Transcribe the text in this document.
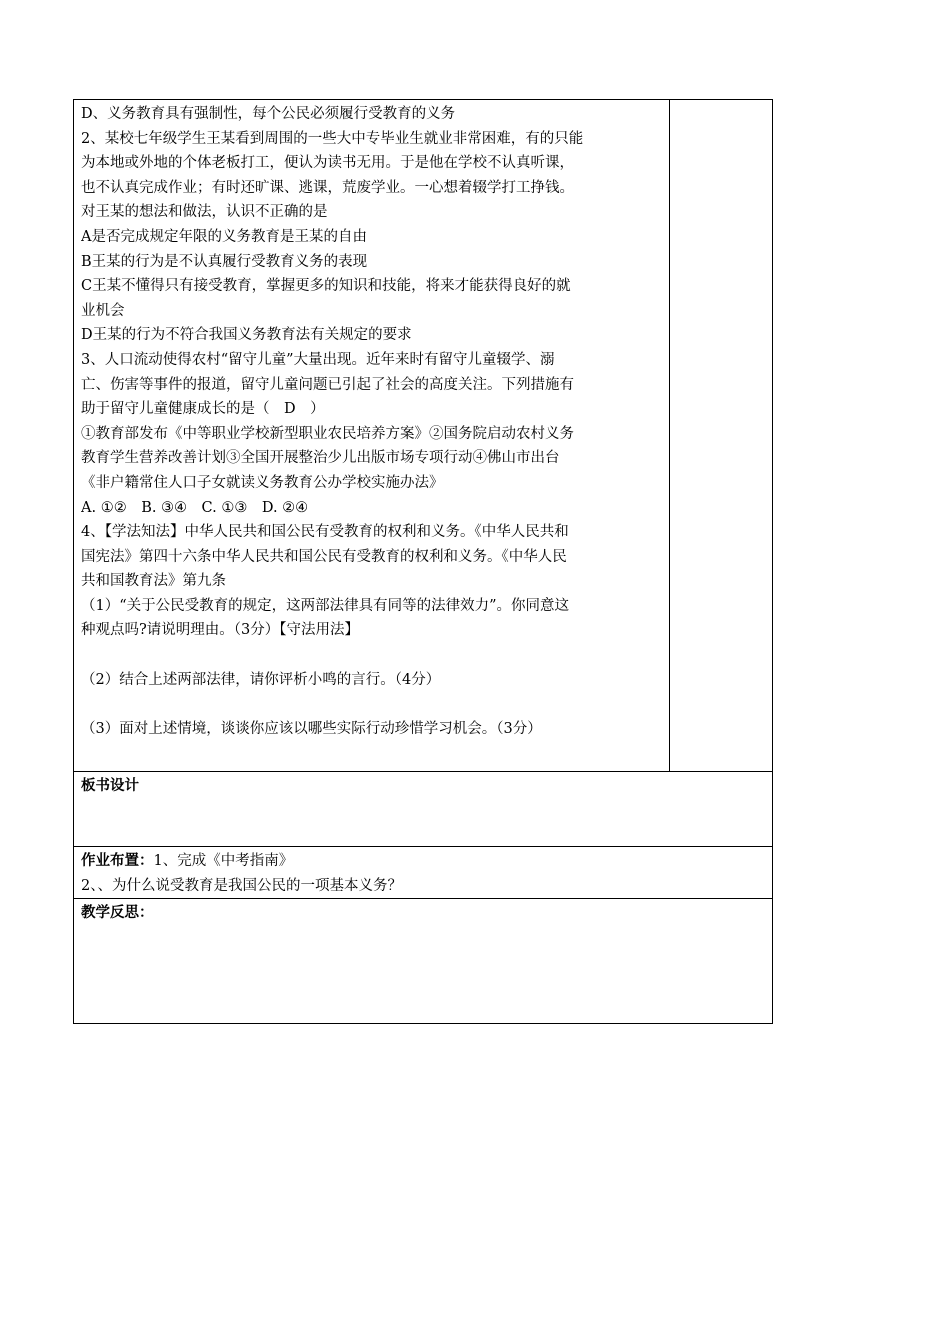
D、义务教育具有强制性，每个公民必须履行受教育的义务
2、某校七年级学生王某看到周围的一些大中专毕业生就业非常困难，有的只能
为本地或外地的个体老板打工，便认为读书无用。于是他在学校不认真听课，
也不认真完成作业；有时还旷课、逃课，荒废学业。一心想着辍学打工挣钱。
对王某的想法和做法，认识不正确的是
A是否完成规定年限的义务教育是王某的自由
B王某的行为是不认真履行受教育义务的表现
C王某不懂得只有接受教育，掌握更多的知识和技能，将来才能获得良好的就
业机会
D王某的行为不符合我国义务教育法有关规定的要求
3、人口流动使得农村“留守儿童”大量出现。近年来时有留守儿童辍学、溺
亡、伤害等事件的报道，留守儿童问题已引起了社会的高度关注。下列措施有
助于留守儿童健康成长的是（　D　）
①教育部发布《中等职业学校新型职业农民培养方案》②国务院启动农村义务
教育学生营养改善计划③全国开展整治少儿出版市场专项行动④佛山市出台
《非户籍常住人口子女就读义务教育公办学校实施办法》
A. ①②　B. ③④　C. ①③　D. ②④
4、【学法知法】中华人民共和国公民有受教育的权利和义务。《中华人民共和
国宪法》第四十六条中华人民共和国公民有受教育的权利和义务。《中华人民
共和国教育法》第九条
（1）“关于公民受教育的规定，这两部法律具有同等的法律效力”。你同意这
种观点吗?请说明理由。（3分）【守法用法】
（2）结合上述两部法律，请你评析小鸣的言行。（4分）
（3）面对上述情境，谈谈你应该以哪些实际行动珍惜学习机会。（3分）

板书设计

作业布置：1、完成《中考指南》
2、、为什么说受教育是我国公民的一项基本义务？

教学反思：
